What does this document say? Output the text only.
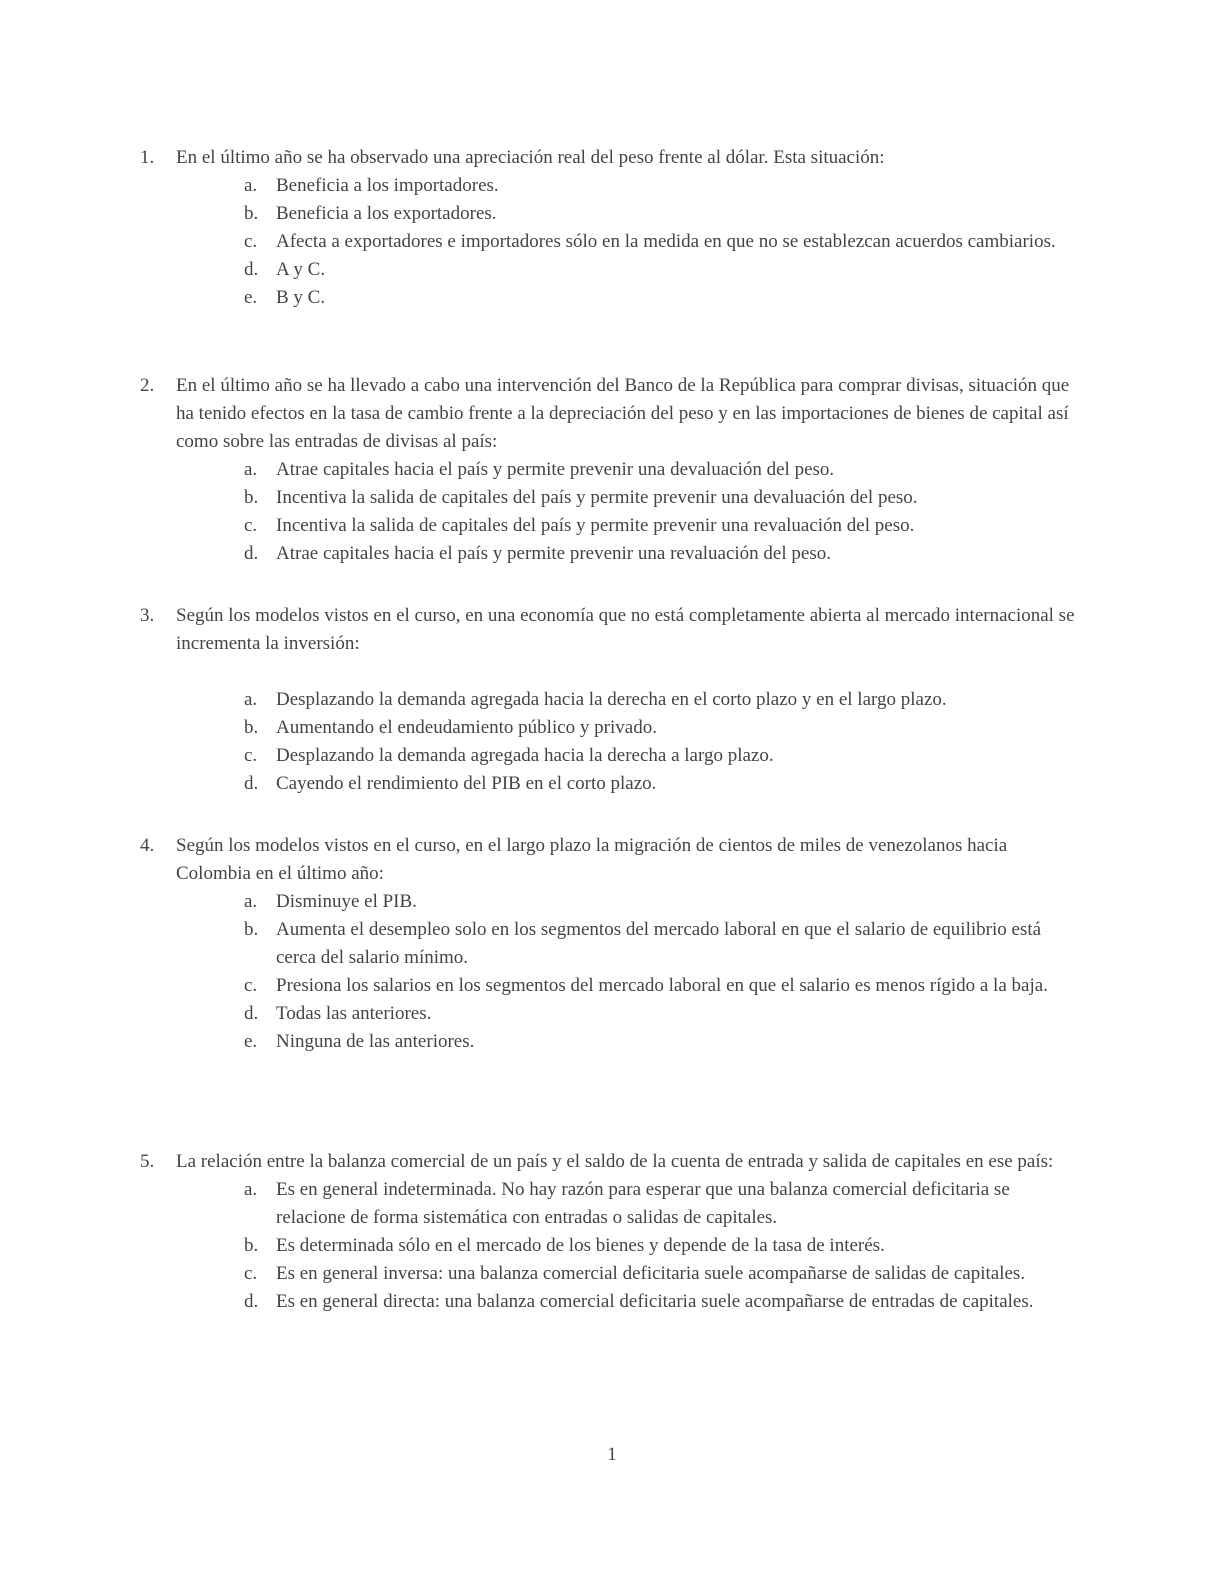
1. En el último año se ha observado una apreciación real del peso frente al dólar. Esta situación:
a. Beneficia a los importadores.
b. Beneficia a los exportadores.
c. Afecta a exportadores e importadores sólo en la medida en que no se establezcan acuerdos cambiarios.
d. A y C.
e. B y C.
2. En el último año se ha llevado a cabo una intervención del Banco de la República para comprar divisas, situación que ha tenido efectos en la tasa de cambio frente a la depreciación del peso y en las importaciones de bienes de capital así como sobre las entradas de divisas al país:
a. Atrae capitales hacia el país y permite prevenir una devaluación del peso.
b. Incentiva la salida de capitales del país y permite prevenir una devaluación del peso.
c. Incentiva la salida de capitales del país y permite prevenir una revaluación del peso.
d. Atrae capitales hacia el país y permite prevenir una revaluación del peso.
3. Según los modelos vistos en el curso, en una economía que no está completamente abierta al mercado internacional se incrementa la inversión:
a. Desplazando la demanda agregada hacia la derecha en el corto plazo y en el largo plazo.
b. Aumentando el endeudamiento público y privado.
c. Desplazando la demanda agregada hacia la derecha a largo plazo.
d. Cayendo el rendimiento del PIB en el corto plazo.
4. Según los modelos vistos en el curso, en el largo plazo la migración de cientos de miles de venezolanos hacia Colombia en el último año:
a. Disminuye el PIB.
b. Aumenta el desempleo solo en los segmentos del mercado laboral en que el salario de equilibrio está cerca del salario mínimo.
c. Presiona los salarios en los segmentos del mercado laboral en que el salario es menos rígido a la baja.
d. Todas las anteriores.
e. Ninguna de las anteriores.
5. La relación entre la balanza comercial de un país y el saldo de la cuenta de entrada y salida de capitales en ese país:
a. Es en general indeterminada. No hay razón para esperar que una balanza comercial deficitaria se relacione de forma sistemática con entradas o salidas de capitales.
b. Es determinada sólo en el mercado de los bienes y depende de la tasa de interés.
c. Es en general inversa: una balanza comercial deficitaria suele acompañarse de salidas de capitales.
d. Es en general directa: una balanza comercial deficitaria suele acompañarse de entradas de capitales.
1
